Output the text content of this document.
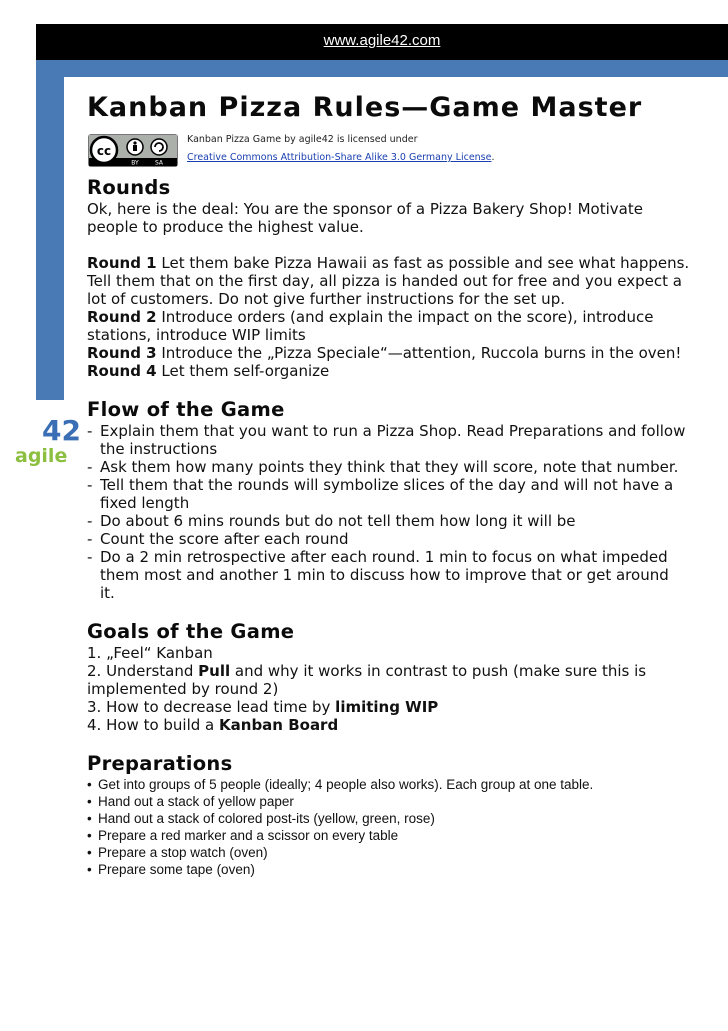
www.agile42.com
42
agile
Kanban Pizza Rules—Game Master
cc
BY	SA
Kanban Pizza Game by agile42 is licensed under
Creative Commons Attribution-Share Alike 3.0 Germany License.
Rounds

Ok, here is the deal: You are the sponsor of a Pizza Bakery Shop! Motivate

people to produce the highest value.

Round 1 Let them bake Pizza Hawaii as fast as possible and see what happens.

Tell them that on the first day, all pizza is handed out for free and you expect a

lot of customers. Do not give further instructions for the set up.

Round 2 Introduce orders (and explain the impact on the score), introduce

stations, introduce WIP limits

Round 3 Introduce the „Pizza Speciale“—attention, Ruccola burns in the oven!

Round 4 Let them self-organize

Flow of the Game
- Explain them that you want to run a Pizza Shop. Read Preparations and follow
the instructions
- Ask them how many points they think that they will score, note that number.
- Tell them that the rounds will symbolize slices of the day and will not have a
fixed length
- Do about 6 mins rounds but do not tell them how long it will be
- Count the score after each round
- Do a 2 min retrospective after each round. 1 min to focus on what impeded
them most and another 1 min to discuss how to improve that or get around
it.
Goals of the Game

1. „Feel“ Kanban

2. Understand Pull and why it works in contrast to push (make sure this is

implemented by round 2)

3. How to decrease lead time by limiting WIP

4. How to build a Kanban Board

Preparations
• Get into groups of 5 people (ideally; 4 people also works). Each group at one table.
• Hand out a stack of yellow paper
• Hand out a stack of colored post-its (yellow, green, rose)
• Prepare a red marker and a scissor on every table
• Prepare a stop watch (oven)
• Prepare some tape (oven)
